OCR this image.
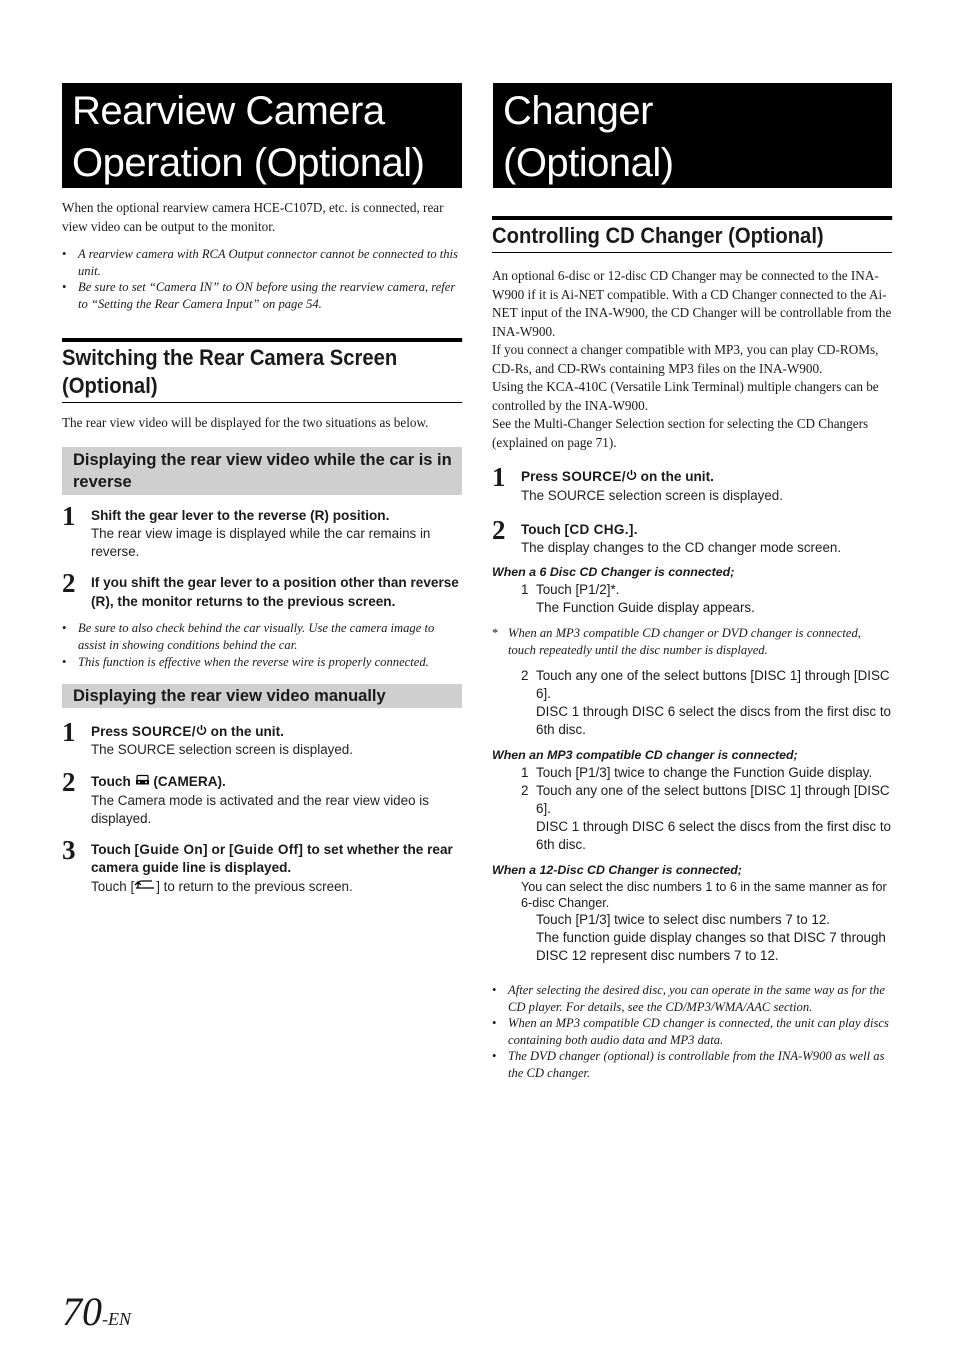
Rearview Camera
Operation (Optional)

When the optional rearview camera HCE-C107D, etc. is connected, rear view video can be output to the monitor.

• A rearview camera with RCA Output connector cannot be connected to this unit.

• Be sure to set “Camera IN” to ON before using the rearview camera, refer to “Setting the Rear Camera Input” on page 54.

Switching the Rear Camera Screen
(Optional)

The rear view video will be displayed for the two situations as below.

Displaying the rear view video while the car is in reverse

1 Shift the gear lever to the reverse (R) position.
The rear view image is displayed while the car remains in reverse.
2 If you shift the gear lever to a position other than reverse (R), the monitor returns to the previous screen.

• Be sure to also check behind the car visually. Use the camera image to assist in showing conditions behind the car.

• This function is effective when the reverse wire is properly connected.

Displaying the rear view video manually

1 Press SOURCE/ on the unit.
The SOURCE selection screen is displayed.
2 Touch  (CAMERA).
The Camera mode is activated and the rear view video is displayed.
3 Touch [Guide On] or [Guide Off] to set whether the rear camera guide line is displayed.
Touch [ ] to return to the previous screen.
Changer
(Optional)
Controlling CD Changer (Optional)

An optional 6-disc or 12-disc CD Changer may be connected to the INA-W900 if it is Ai-NET compatible. With a CD Changer connected to the Ai-NET input of the INA-W900, the CD Changer will be controllable from the INA-W900.

If you connect a changer compatible with MP3, you can play CD-ROMs, CD-Rs, and CD-RWs containing MP3 files on the INA-W900.

Using the KCA-410C (Versatile Link Terminal) multiple changers can be controlled by the INA-W900.

See the Multi-Changer Selection section for selecting the CD Changers (explained on page 71).

1 Press SOURCE/ on the unit.
The SOURCE selection screen is displayed.
2 Touch [CD CHG.].
The display changes to the CD changer mode screen.

When a 6 Disc CD Changer is connected;

1 Touch [P1/2]*.

The Function Guide display appears.

* When an MP3 compatible CD changer or DVD changer is connected, touch repeatedly until the disc number is displayed.

2 Touch any one of the select buttons [DISC 1] through [DISC 6].

DISC 1 through DISC 6 select the discs from the first disc to 6th disc.

When an MP3 compatible CD changer is connected;

1 Touch [P1/3] twice to change the Function Guide display.

2 Touch any one of the select buttons [DISC 1] through [DISC 6].

DISC 1 through DISC 6 select the discs from the first disc to 6th disc.

When a 12-Disc CD Changer is connected;

You can select the disc numbers 1 to 6 in the same manner as for 6-disc Changer.

Touch [P1/3] twice to select disc numbers 7 to 12.

The function guide display changes so that DISC 7 through DISC 12 represent disc numbers 7 to 12.

• After selecting the desired disc, you can operate in the same way as for the CD player. For details, see the CD/MP3/WMA/AAC section.

• When an MP3 compatible CD changer is connected, the unit can play discs containing both audio data and MP3 data.

• The DVD changer (optional) is controllable from the INA-W900 as well as the CD changer.

70-EN
